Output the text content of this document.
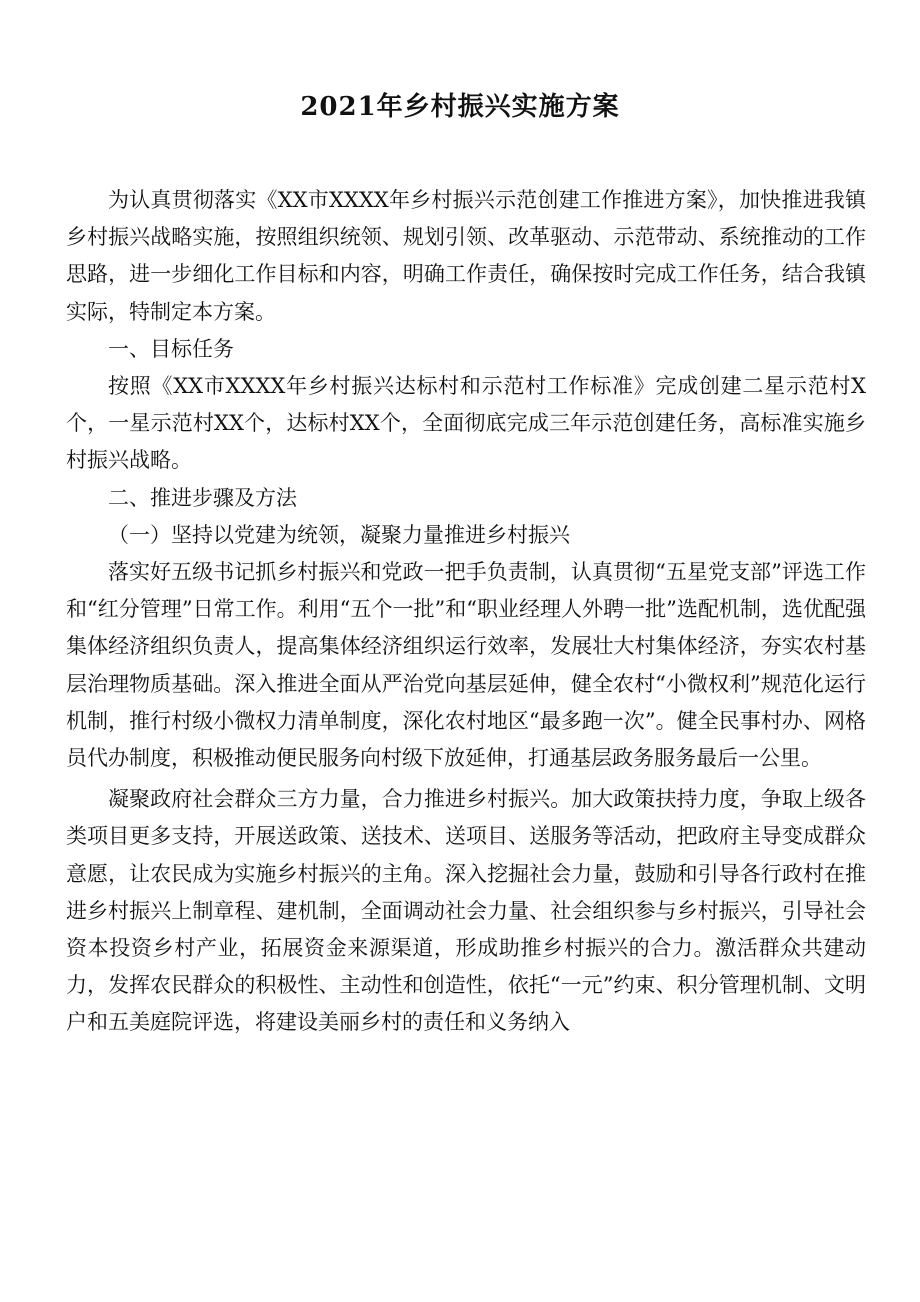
2021年乡村振兴实施方案

为认真贯彻落实《XX市XXXX年乡村振兴示范创建工作推进方案》，加快推进我镇乡村振兴战略实施，按照组织统领、规划引领、改革驱动、示范带动、系统推动的工作思路，进一步细化工作目标和内容，明确工作责任，确保按时完成工作任务，结合我镇实际，特制定本方案。

一、目标任务

按照《XX市XXXX年乡村振兴达标村和示范村工作标准》完成创建二星示范村X个，一星示范村XX个，达标村XX个，全面彻底完成三年示范创建任务，高标准实施乡村振兴战略。

二、推进步骤及方法

（一）坚持以党建为统领，凝聚力量推进乡村振兴

落实好五级书记抓乡村振兴和党政一把手负责制，认真贯彻“五星党支部”评选工作和“红分管理”日常工作。利用“五个一批”和“职业经理人外聘一批”选配机制，选优配强集体经济组织负责人，提高集体经济组织运行效率，发展壮大村集体经济，夯实农村基层治理物质基础。深入推进全面从严治党向基层延伸，健全农村“小微权利”规范化运行机制，推行村级小微权力清单制度，深化农村地区“最多跑一次”。健全民事村办、网格员代办制度，积极推动便民服务向村级下放延伸，打通基层政务服务最后一公里。

凝聚政府社会群众三方力量，合力推进乡村振兴。加大政策扶持力度，争取上级各类项目更多支持，开展送政策、送技术、送项目、送服务等活动，把政府主导变成群众意愿，让农民成为实施乡村振兴的主角。深入挖掘社会力量，鼓励和引导各行政村在推进乡村振兴上制章程、建机制，全面调动社会力量、社会组织参与乡村振兴，引导社会资本投资乡村产业，拓展资金来源渠道，形成助推乡村振兴的合力。激活群众共建动力，发挥农民群众的积极性、主动性和创造性，依托“一元”约束、积分管理机制、文明户和五美庭院评选，将建设美丽乡村的责任和义务纳入
